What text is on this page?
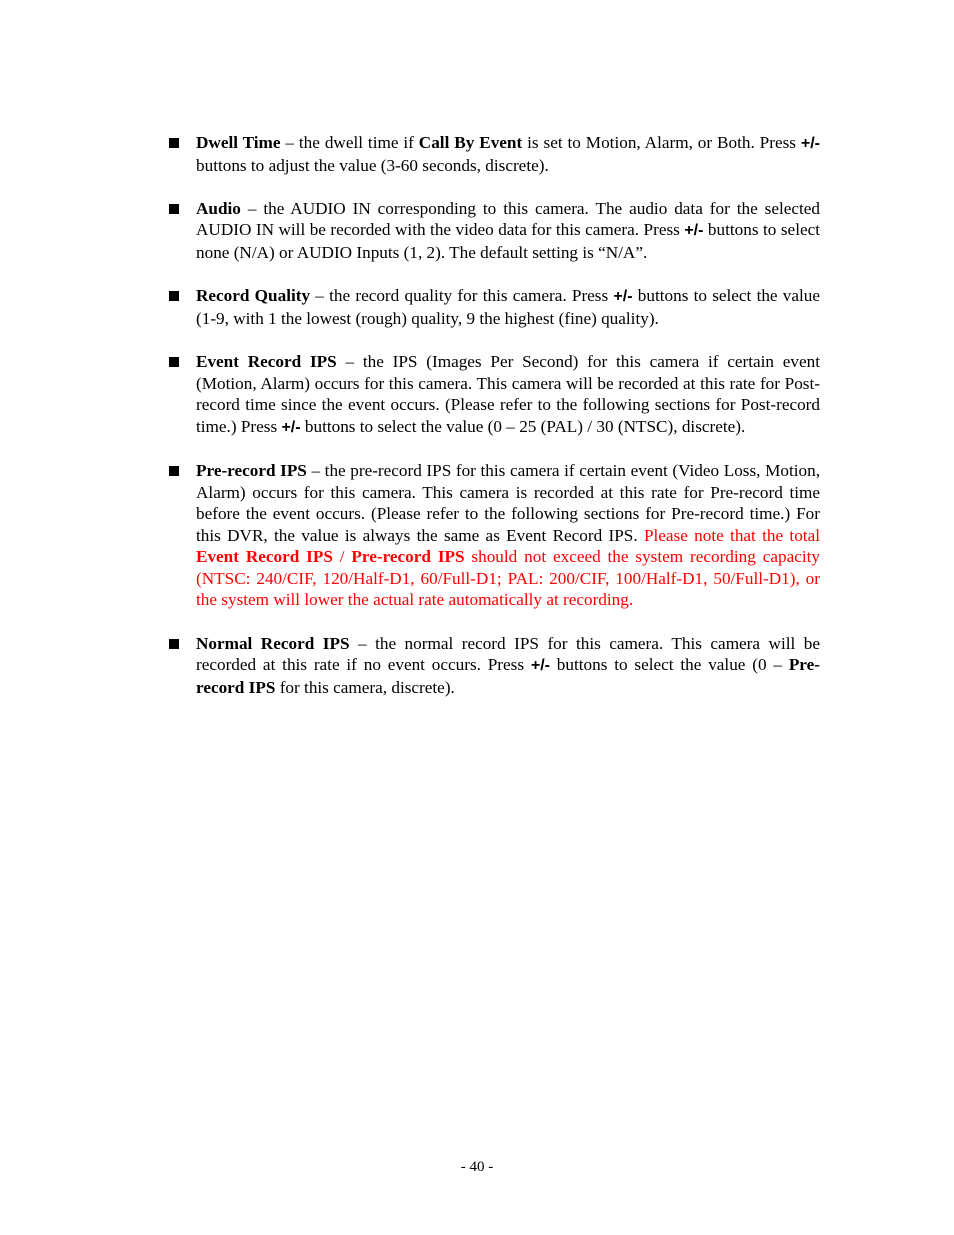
Dwell Time – the dwell time if Call By Event is set to Motion, Alarm, or Both. Press +/- buttons to adjust the value (3-60 seconds, discrete).
Audio – the AUDIO IN corresponding to this camera. The audio data for the selected AUDIO IN will be recorded with the video data for this camera. Press +/- buttons to select none (N/A) or AUDIO Inputs (1, 2). The default setting is “N/A”.
Record Quality – the record quality for this camera. Press +/- buttons to select the value (1-9, with 1 the lowest (rough) quality, 9 the highest (fine) quality).
Event Record IPS – the IPS (Images Per Second) for this camera if certain event (Motion, Alarm) occurs for this camera. This camera will be recorded at this rate for Post-record time since the event occurs. (Please refer to the following sections for Post-record time.) Press +/- buttons to select the value (0 – 25 (PAL) / 30 (NTSC), discrete).
Pre-record IPS – the pre-record IPS for this camera if certain event (Video Loss, Motion, Alarm) occurs for this camera. This camera is recorded at this rate for Pre-record time before the event occurs. (Please refer to the following sections for Pre-record time.) For this DVR, the value is always the same as Event Record IPS. Please note that the total Event Record IPS / Pre-record IPS should not exceed the system recording capacity (NTSC: 240/CIF, 120/Half-D1, 60/Full-D1; PAL: 200/CIF, 100/Half-D1, 50/Full-D1), or the system will lower the actual rate automatically at recording.
Normal Record IPS – the normal record IPS for this camera. This camera will be recorded at this rate if no event occurs. Press +/- buttons to select the value (0 – Pre-record IPS for this camera, discrete).
- 40 -
